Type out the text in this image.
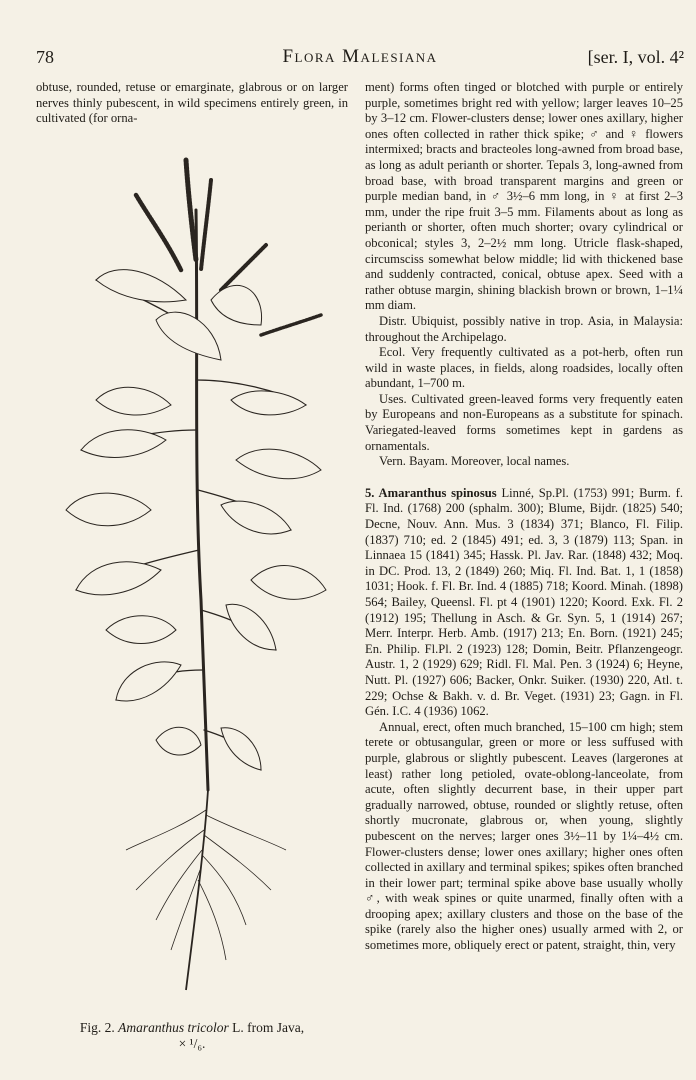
78	Flora Malesiana	[ser. I, vol. 4²

obtuse, rounded, retuse or emarginate, glabrous or on larger nerves thinly pubescent, in wild specimens entirely green, in cultivated (for orna-

Fig. 2. Amaranthus tricolor L. from Java,
× ¹/₆.

ment) forms often tinged or blotched with purple or entirely purple, sometimes bright red with yellow; larger leaves 10–25 by 3–12 cm. Flower-clusters dense; lower ones axillary, higher ones often collected in rather thick spike; ♂ and ♀ flowers intermixed; bracts and bracteoles long-awned from broad base, as long as adult perianth or shorter. Tepals 3, long-awned from broad base, with broad transparent margins and green or purple median band, in ♂ 3½–6 mm long, in ♀ at first 2–3 mm, under the ripe fruit 3–5 mm. Filaments about as long as perianth or shorter, often much shorter; ovary cylindrical or obconical; styles 3, 2–2½ mm long. Utricle flask-shaped, circumsciss somewhat below middle; lid with thickened base and suddenly contracted, conical, obtuse apex. Seed with a rather obtuse margin, shining blackish brown or brown, 1–1¼ mm diam.

Distr. Ubiquist, possibly native in trop. Asia, in Malaysia: throughout the Archipelago.

Ecol. Very frequently cultivated as a pot-herb, often run wild in waste places, in fields, along roadsides, locally often abundant, 1–700 m.

Uses. Cultivated green-leaved forms very frequently eaten by Europeans and non-Europeans as a substitute for spinach. Variegated-leaved forms sometimes kept in gardens as ornamentals.

Vern. Bayam. Moreover, local names.

5. Amaranthus spinosus Linné, Sp.Pl. (1753) 991; Burm. f. Fl. Ind. (1768) 200 (sphalm. 300); Blume, Bijdr. (1825) 540; Decne, Nouv. Ann. Mus. 3 (1834) 371; Blanco, Fl. Filip. (1837) 710; ed. 2 (1845) 491; ed. 3, 3 (1879) 113; Span. in Linnaea 15 (1841) 345; Hassk. Pl. Jav. Rar. (1848) 432; Moq. in DC. Prod. 13, 2 (1849) 260; Miq. Fl. Ind. Bat. 1, 1 (1858) 1031; Hook. f. Fl. Br. Ind. 4 (1885) 718; Koord. Minah. (1898) 564; Bailey, Queensl. Fl. pt 4 (1901) 1220; Koord. Exk. Fl. 2 (1912) 195; Thellung in Asch. & Gr. Syn. 5, 1 (1914) 267; Merr. Interpr. Herb. Amb. (1917) 213; En. Born. (1921) 245; En. Philip. Fl.Pl. 2 (1923) 128; Domin, Beitr. Pflanzengeogr. Austr. 1, 2 (1929) 629; Ridl. Fl. Mal. Pen. 3 (1924) 6; Heyne, Nutt. Pl. (1927) 606; Backer, Onkr. Suiker. (1930) 220, Atl. t. 229; Ochse & Bakh. v. d. Br. Veget. (1931) 23; Gagn. in Fl. Gén. I.C. 4 (1936) 1062.

Annual, erect, often much branched, 15–100 cm high; stem terete or obtusangular, green or more or less suffused with purple, glabrous or slightly pubescent. Leaves (largerones at least) rather long petioled, ovate-oblong-lanceolate, from acute, often slightly decurrent base, in their upper part gradually narrowed, obtuse, rounded or slightly retuse, often shortly mucronate, glabrous or, when young, slightly pubescent on the nerves; larger ones 3½–11 by 1¼–4½ cm. Flower-clusters dense; lower ones axillary; higher ones often collected in axillary and terminal spikes; spikes often branched in their lower part; terminal spike above base usually wholly ♂, with weak spines or quite unarmed, finally often with a drooping apex; axillary clusters and those on the base of the spike (rarely also the higher ones) usually armed with 2, or sometimes more, obliquely erect or patent, straight, thin, very
